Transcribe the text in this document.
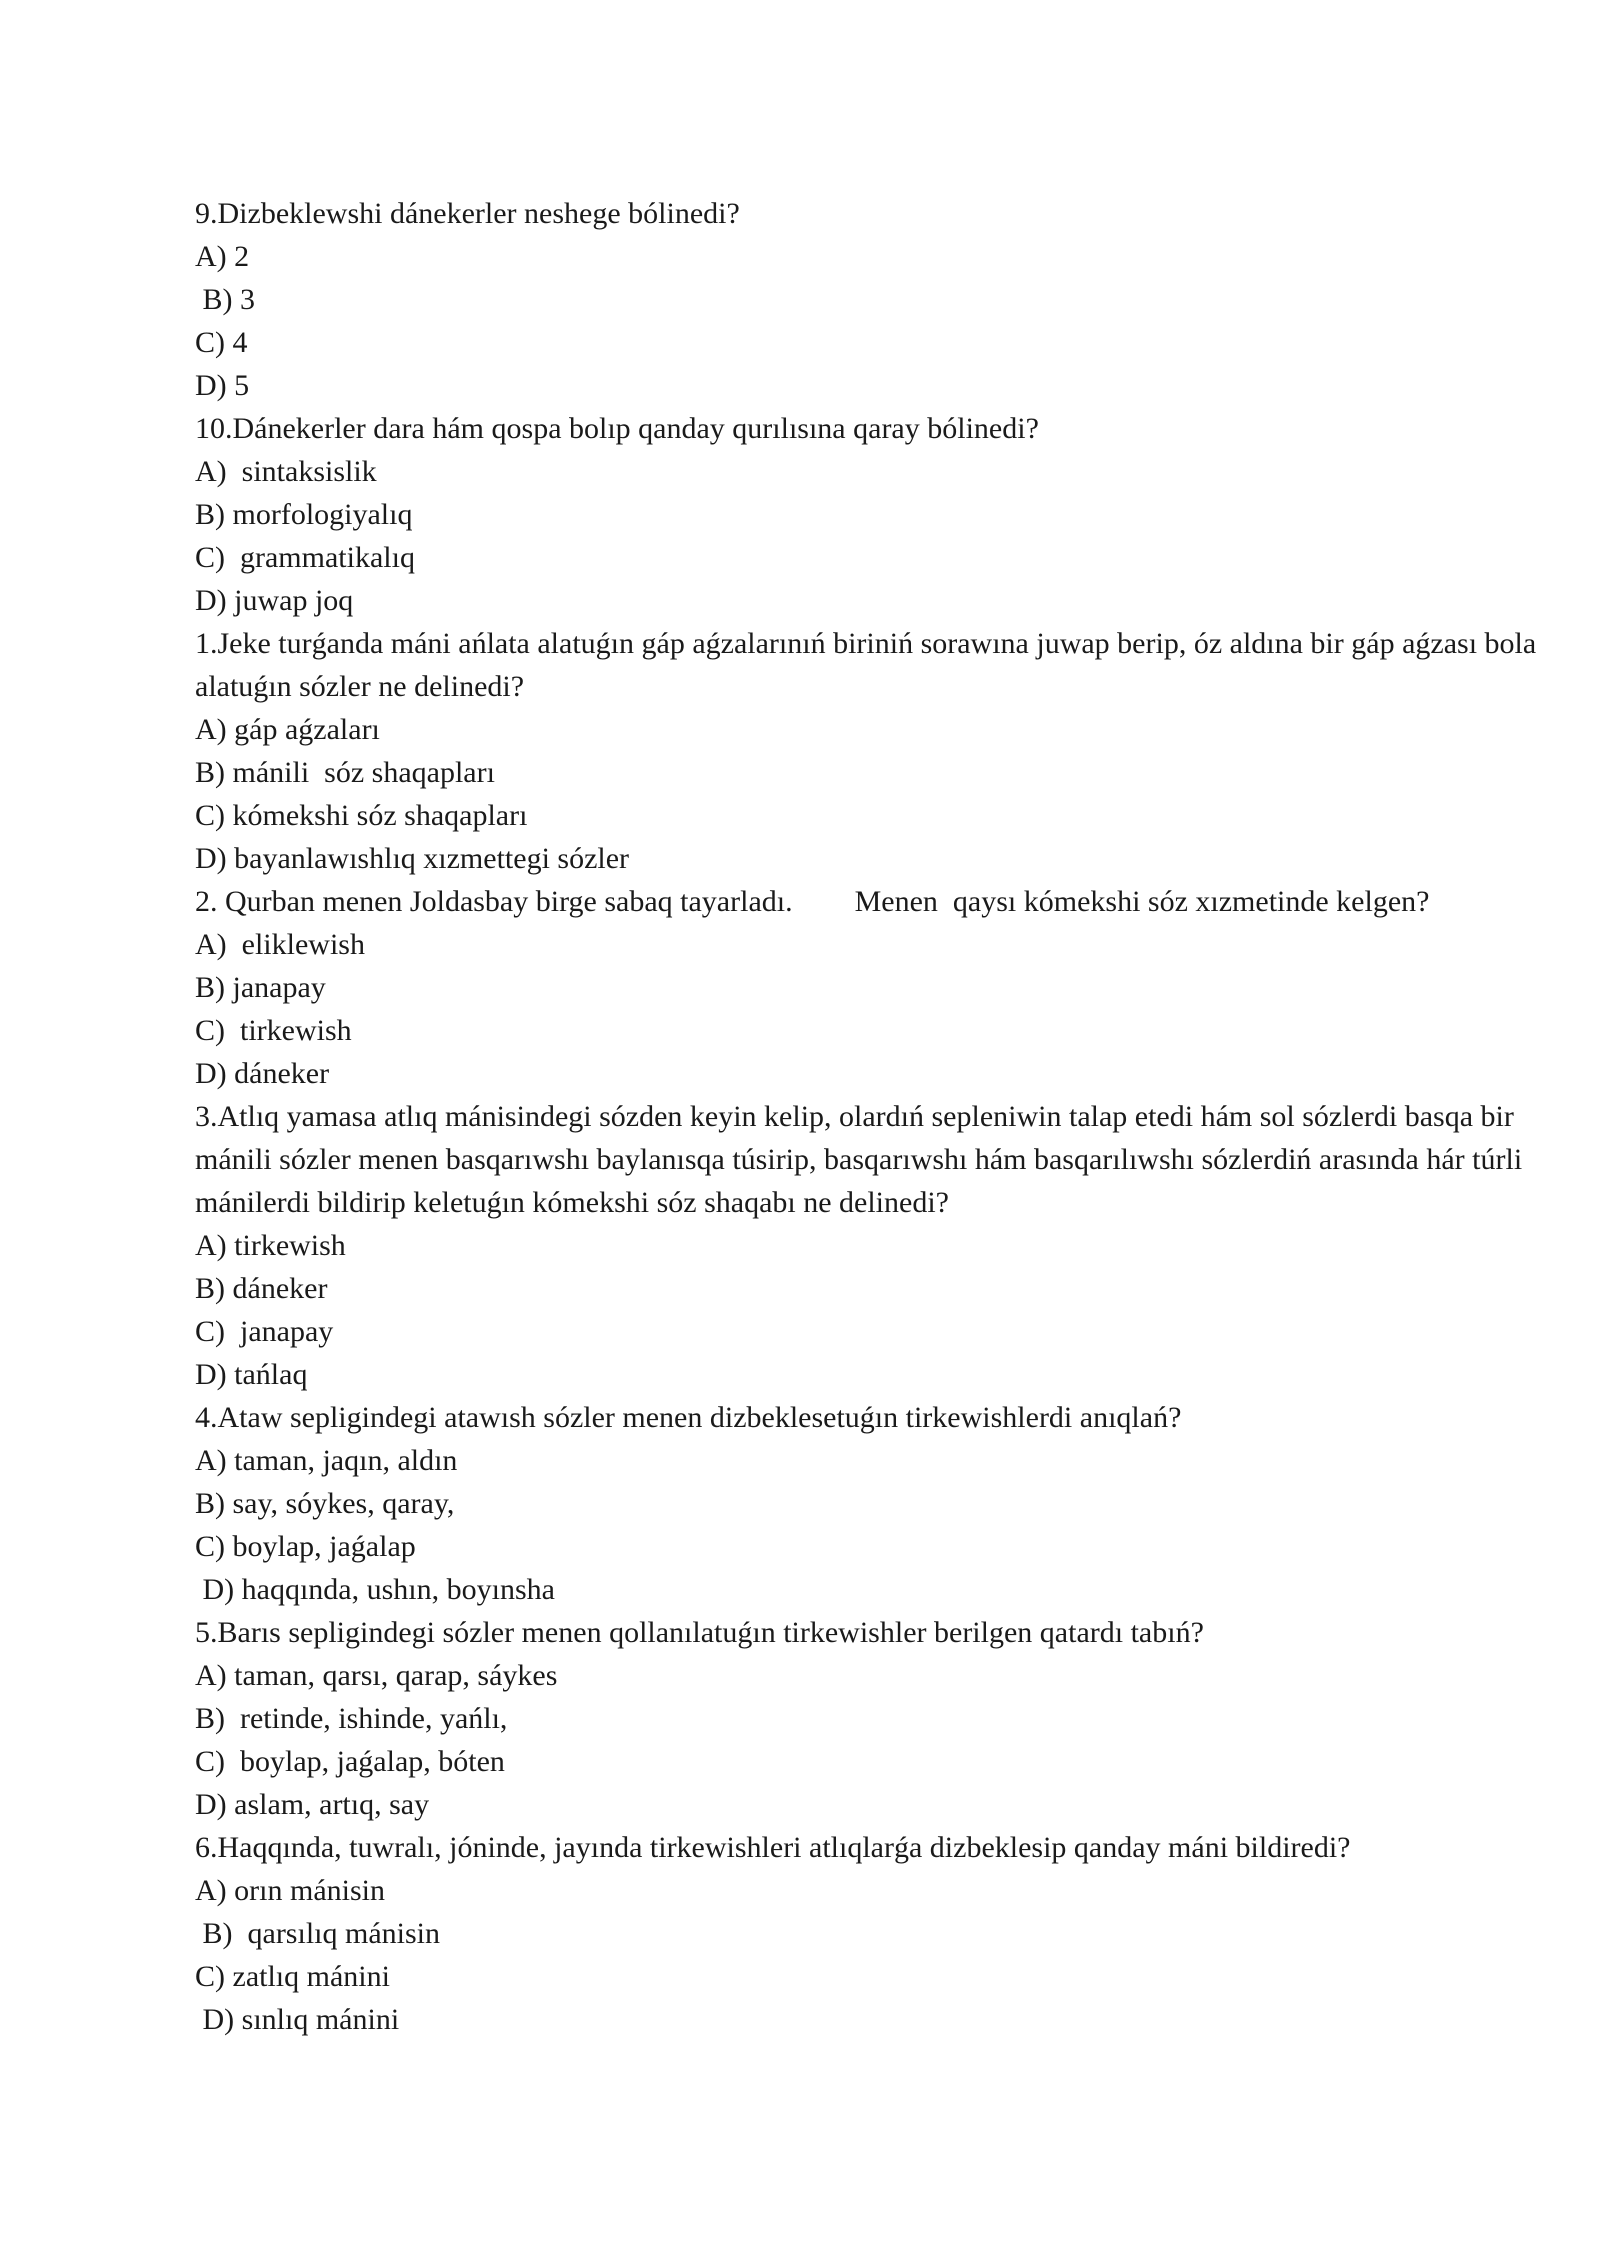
9.Dizbeklewshi dánekerler neshege bólinedi?
A) 2
B) 3
C) 4
D) 5
10.Dánekerler dara hám qospa bolıp qanday qurılısına qaray bólinedi?
A)  sintaksislik
B) morfologiyalıq
C)  grammatikalıq
D) juwap joq
1.Jeke turǵanda máni ańlata alatuǵın gáp aǵzalarınıń biriniń sorawına juwap berip, óz aldına bir gáp aǵzası bola alatuǵın sózler ne delinedi?
A) gáp aǵzaları
B) mánili  sóz shaqapları
C) kómekshi sóz shaqapları
D) bayanlawıshlıq xızmettegi sózler
2. Qurban menen Joldasbay birge sabaq tayarladı. Menen  qaysı kómekshi sóz xızmetinde kelgen?
A)  eliklewish
B) janapay
C)  tirkewish
D) dáneker
3.Atlıq yamasa atlıq mánisindegi sózden keyin kelip, olardıń sepleniwin talap etedi hám sol sózlerdi basqa bir mánili sózler menen basqarıwshı baylanısqa túsirip, basqarıwshı hám basqarılıwshı sózlerdiń arasında hár túrli mánilerdi bildirip keletuǵın kómekshi sóz shaqabı ne delinedi?
A) tirkewish
B) dáneker
C)  janapay
D) tańlaq
4.Ataw sepligindegi atawısh sózler menen dizbeklesetuǵın tirkewishlerdi anıqlań?
A) taman, jaqın, aldın
B) say, sóykes, qaray,
C) boylap, jaǵalap
D) haqqında, ushın, boyınsha
5.Barıs sepligindegi sózler menen qollanılatuǵın tirkewishler berilgen qatardı tabıń?
A) taman, qarsı, qarap, sáykes
B)  retinde, ishinde, yańlı,
C)  boylap, jaǵalap, bóten
D) aslam, artıq, say
6.Haqqında, tuwralı, jóninde, jayında tirkewishleri atlıqlarǵa dizbeklesip qanday máni bildiredi?
A) orın mánisin
B)  qarsılıq mánisin
C) zatlıq mánini
D) sınlıq mánini
